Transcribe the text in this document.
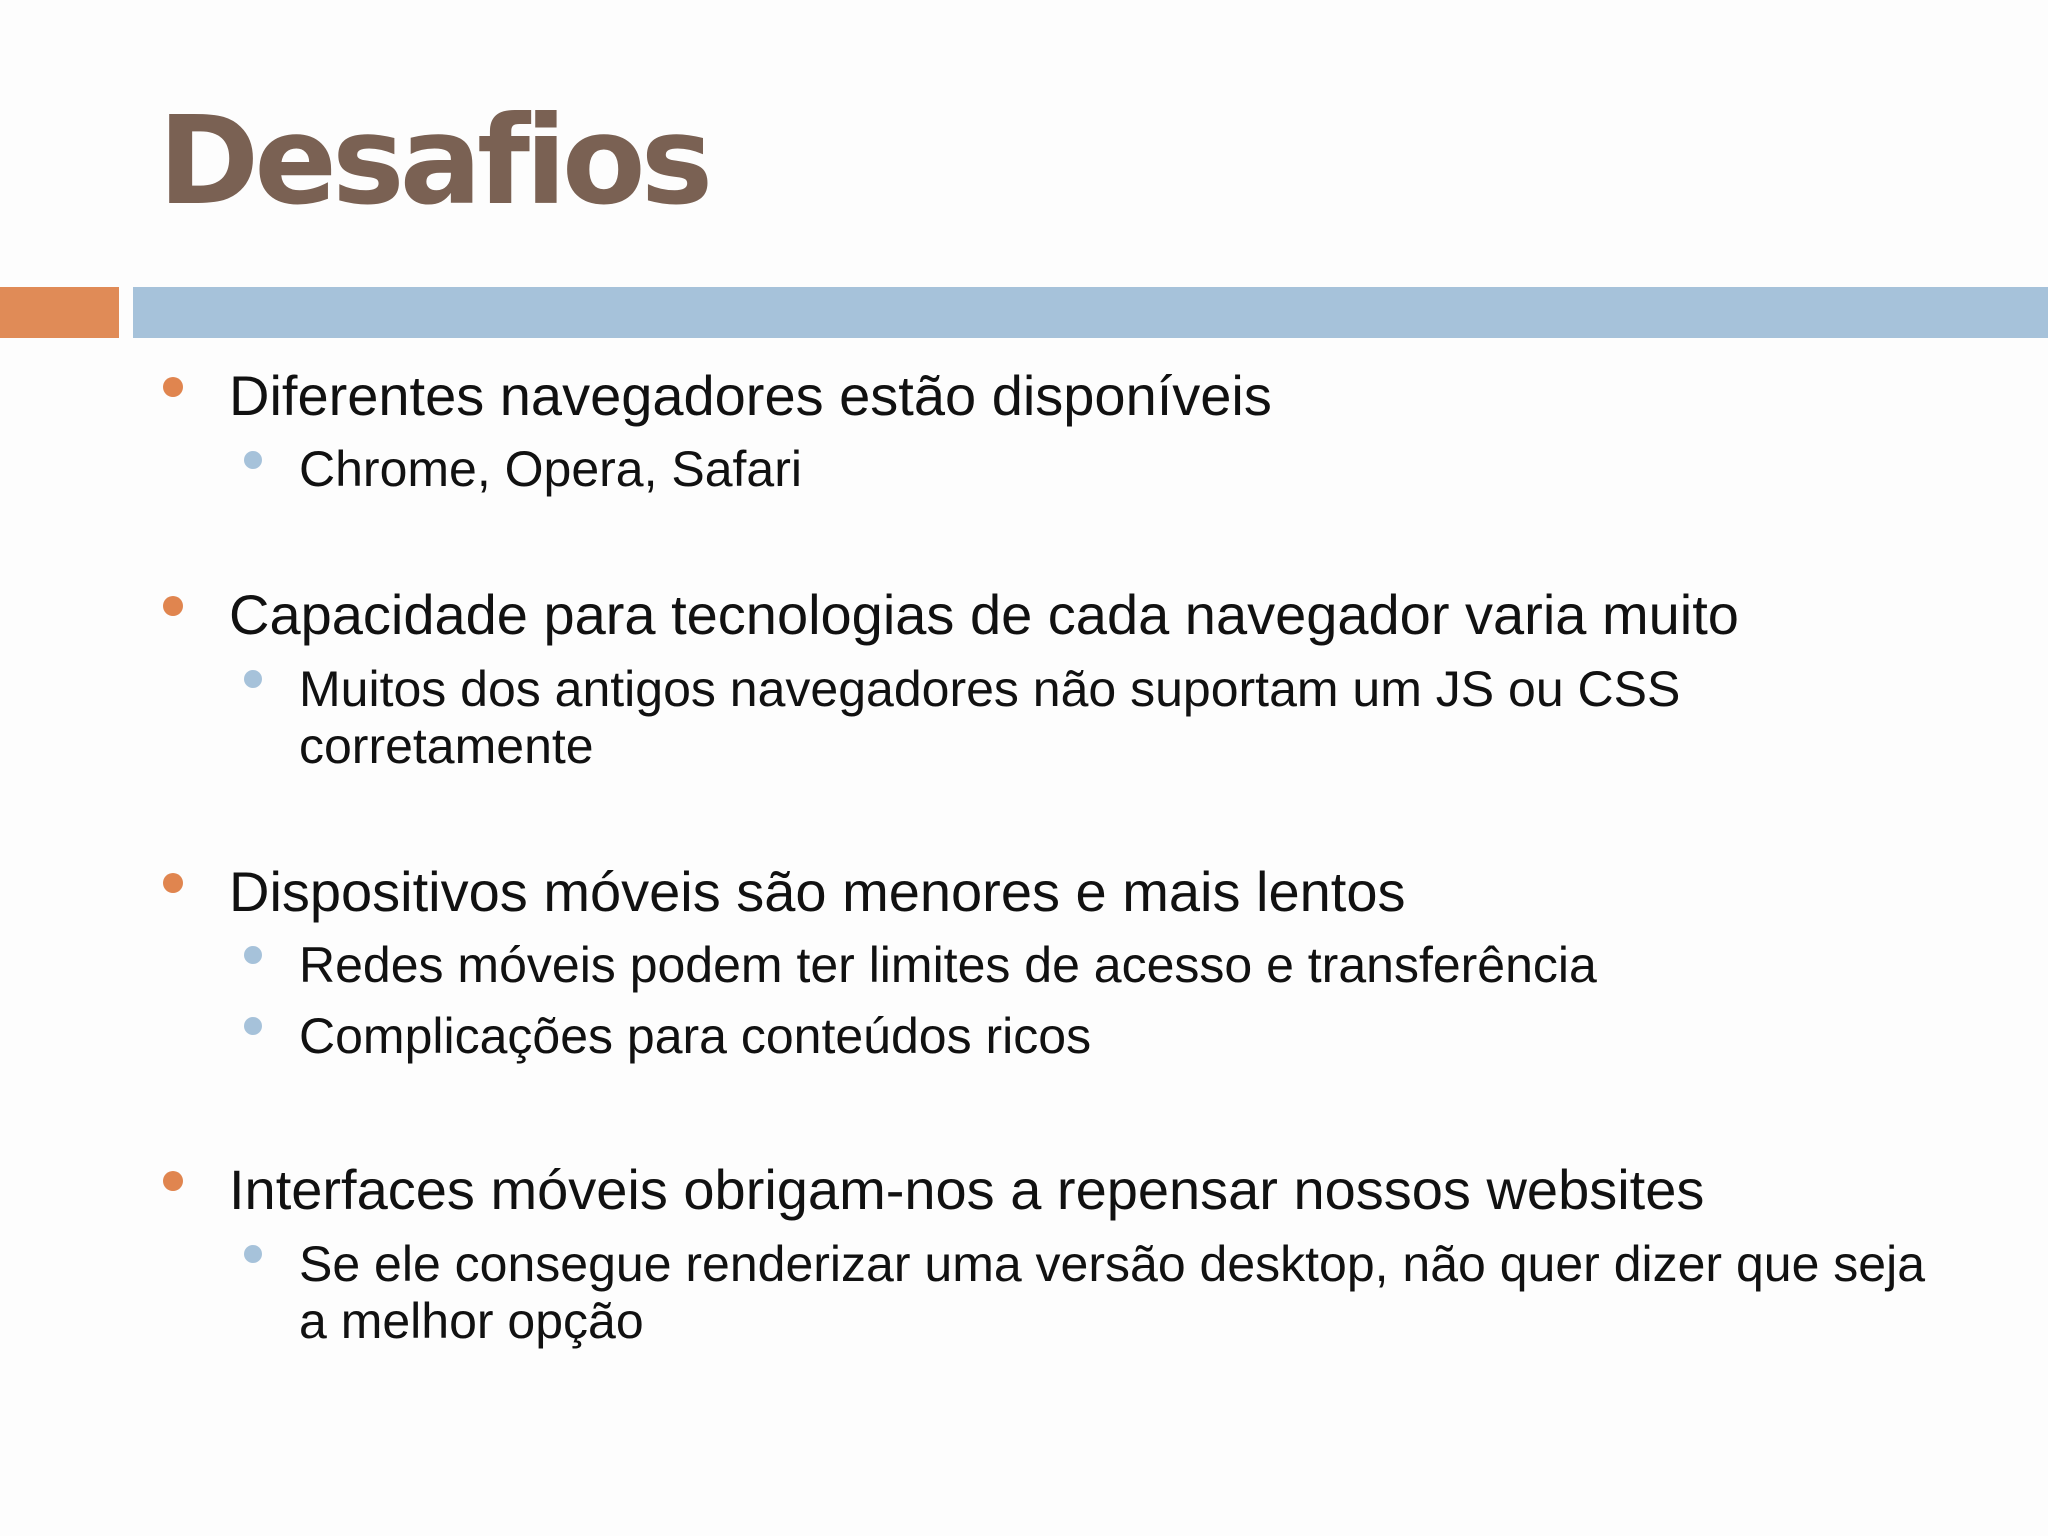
Desafios
Diferentes navegadores estão disponíveis
Chrome, Opera, Safari
Capacidade para tecnologias de cada navegador varia muito
Muitos dos antigos navegadores não suportam um JS ou CSS corretamente
Dispositivos móveis são menores e mais lentos
Redes móveis podem ter limites de acesso e transferência
Complicações para conteúdos ricos
Interfaces móveis obrigam-nos a repensar nossos websites
Se ele consegue renderizar uma versão desktop, não quer dizer que seja a melhor opção
